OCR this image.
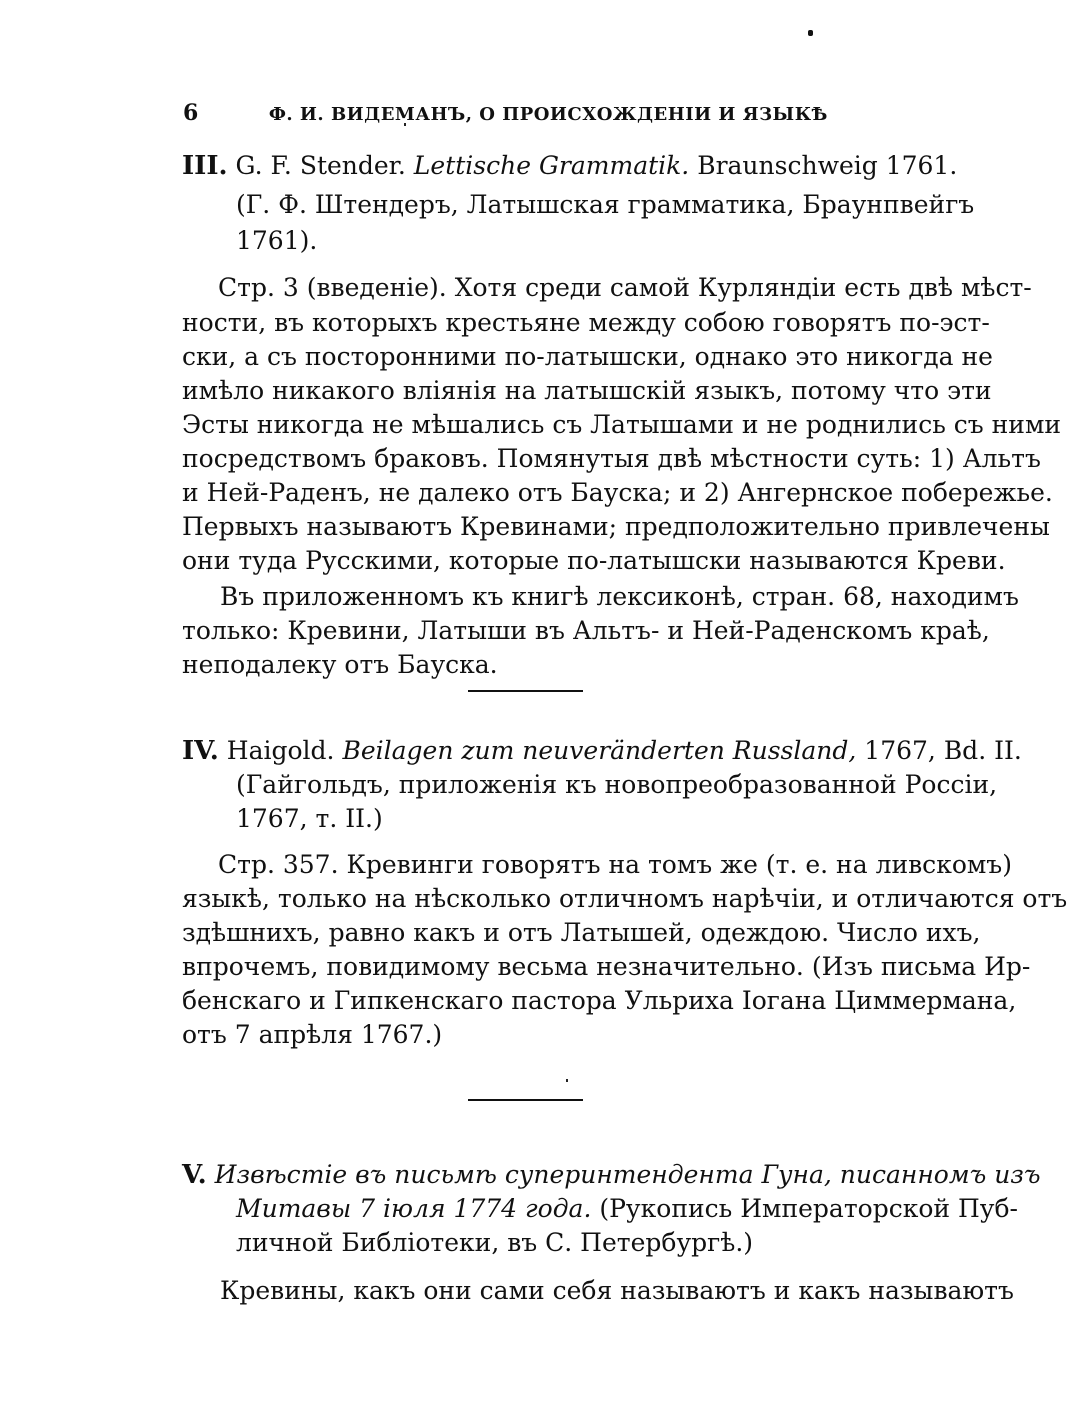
6	Ф. И. ВИДЕМАНЪ, О ПРОИСХОЖДЕНІИ И ЯЗЫКѢ
III. G. F. Stender. Lettische Grammatik. Braunschweig 1761.
(Г. Ф. Штендеръ, Латышская грамматика, Браунпвейгъ
1761).
Стр. 3 (введеніе). Хотя среди самой Курляндіи есть двѣ мѣст-
ности, въ которыхъ крестьяне между собою говорятъ по-эст-
ски, а съ посторонними по-латышски, однако это никогда не
имѣло никакого вліянія на латышскій языкъ, потому что эти
Эсты никогда не мѣшались съ Латышами и не роднились съ ними
посредствомъ браковъ. Помянутыя двѣ мѣстности суть: 1) Альтъ
и Ней-Раденъ, не далеко отъ Бауска; и 2) Ангернское побережье.
Первыхъ называютъ Кревинами; предположительно привлечены
они туда Русскими, которые по-латышски называются Креви.
Въ приложенномъ къ книгѣ лексиконѣ, стран. 68, находимъ
только: Кревини, Латыши въ Альтъ- и Ней-Раденскомъ краѣ,
неподалеку отъ Бауска.
IV. Haigold. Beilagen zum neuveränderten Russland, 1767, Bd. II.
(Гайгольдъ, приложенія къ новопреобразованной Россіи,
1767, т. II.)
Стр. 357. Кревинги говорятъ на томъ же (т. е. на ливскомъ)
языкѣ, только на нѣсколько отличномъ нарѣчіи, и отличаются отъ
здѣшнихъ, равно какъ и отъ Латышей, одеждою. Число ихъ,
впрочемъ, повидимому весьма незначительно. (Изъ письма Ир-
бенскаго и Гипкенскаго пастора Ульриха Іогана Циммермана,
отъ 7 апрѣля 1767.)
V. Извѣстіе въ письмѣ суперинтендента Гуна, писанномъ изъ
Митавы 7 іюля 1774 года. (Рукопись Императорской Пуб-
личной Библіотеки, въ С. Петербургѣ.)
Кревины, какъ они сами себя называютъ и какъ называютъ
